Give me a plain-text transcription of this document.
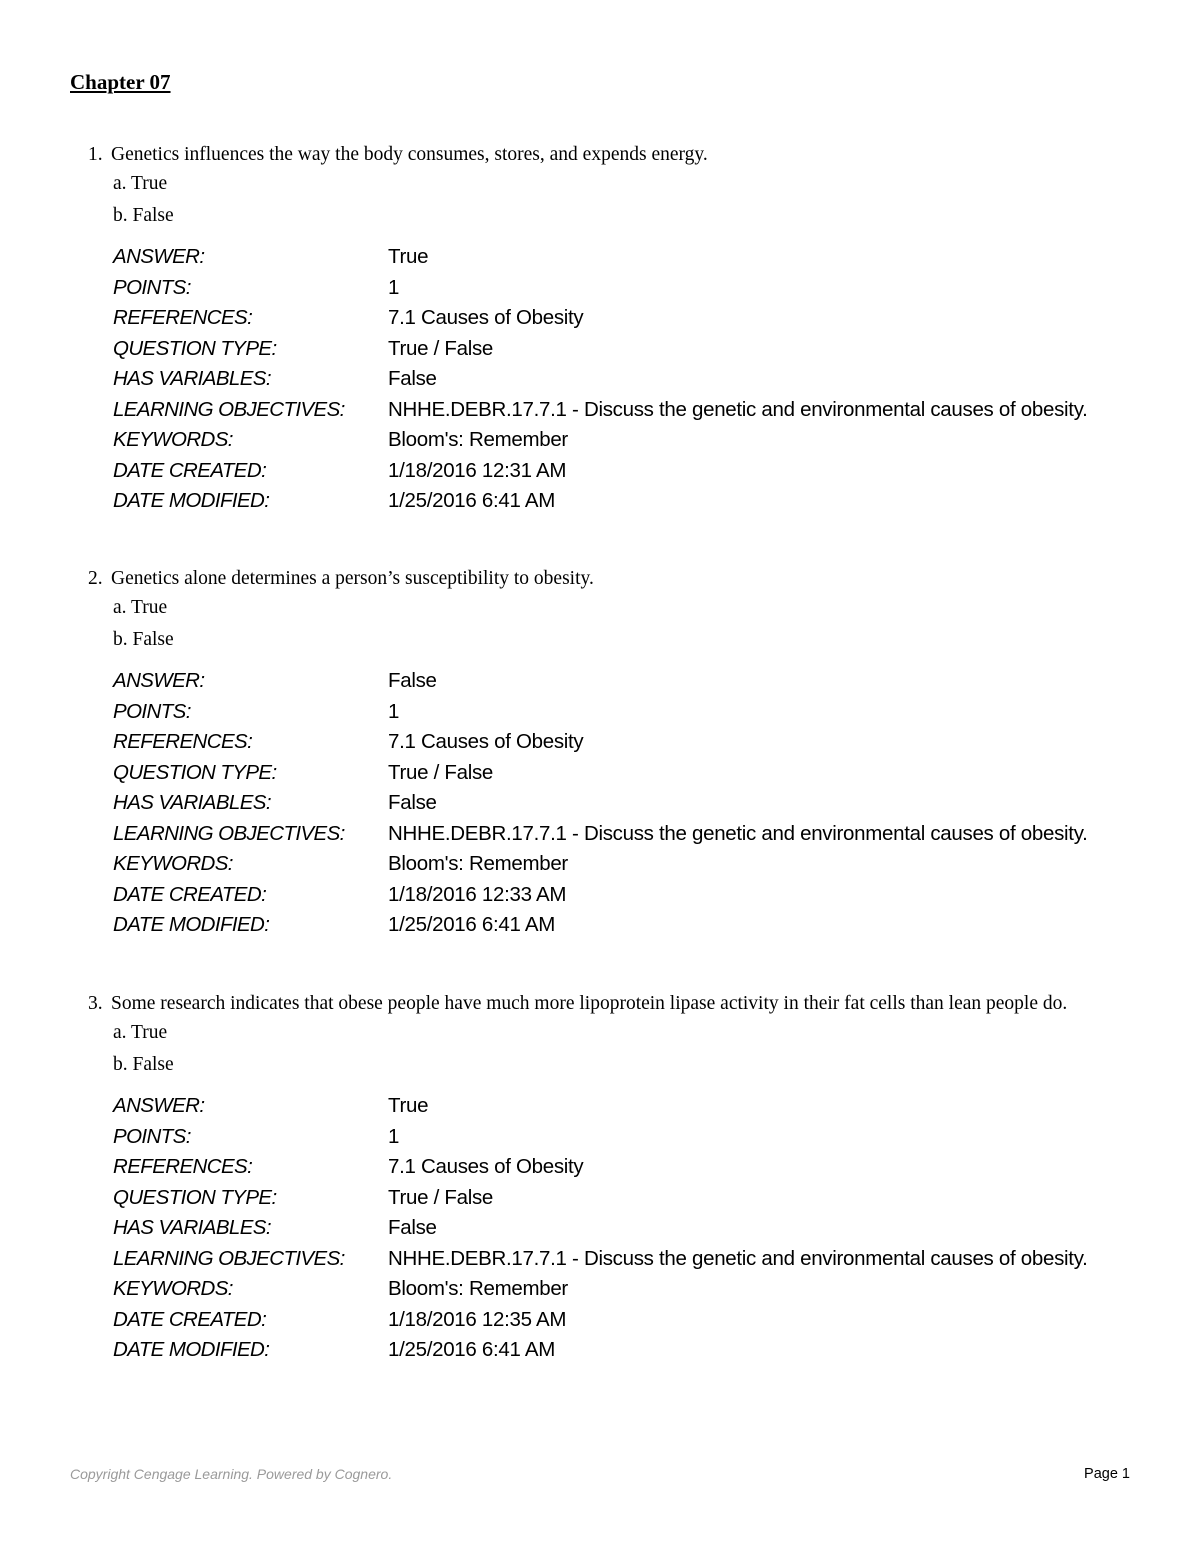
Chapter 07
1. Genetics influences the way the body consumes, stores, and expends energy.
a. True
b. False
ANSWER:	True
POINTS:	1
REFERENCES:	7.1 Causes of Obesity
QUESTION TYPE:	True / False
HAS VARIABLES:	False
LEARNING OBJECTIVES:	NHHE.DEBR.17.7.1 - Discuss the genetic and environmental causes of obesity.
KEYWORDS:	Bloom's: Remember
DATE CREATED:	1/18/2016 12:31 AM
DATE MODIFIED:	1/25/2016 6:41 AM
2. Genetics alone determines a person’s susceptibility to obesity.
a. True
b. False
ANSWER:	False
POINTS:	1
REFERENCES:	7.1 Causes of Obesity
QUESTION TYPE:	True / False
HAS VARIABLES:	False
LEARNING OBJECTIVES:	NHHE.DEBR.17.7.1 - Discuss the genetic and environmental causes of obesity.
KEYWORDS:	Bloom's: Remember
DATE CREATED:	1/18/2016 12:33 AM
DATE MODIFIED:	1/25/2016 6:41 AM
3. Some research indicates that obese people have much more lipoprotein lipase activity in their fat cells than lean people do.
a. True
b. False
ANSWER:	True
POINTS:	1
REFERENCES:	7.1 Causes of Obesity
QUESTION TYPE:	True / False
HAS VARIABLES:	False
LEARNING OBJECTIVES:	NHHE.DEBR.17.7.1 - Discuss the genetic and environmental causes of obesity.
KEYWORDS:	Bloom's: Remember
DATE CREATED:	1/18/2016 12:35 AM
DATE MODIFIED:	1/25/2016 6:41 AM
Copyright Cengage Learning. Powered by Cognero.	Page 1
